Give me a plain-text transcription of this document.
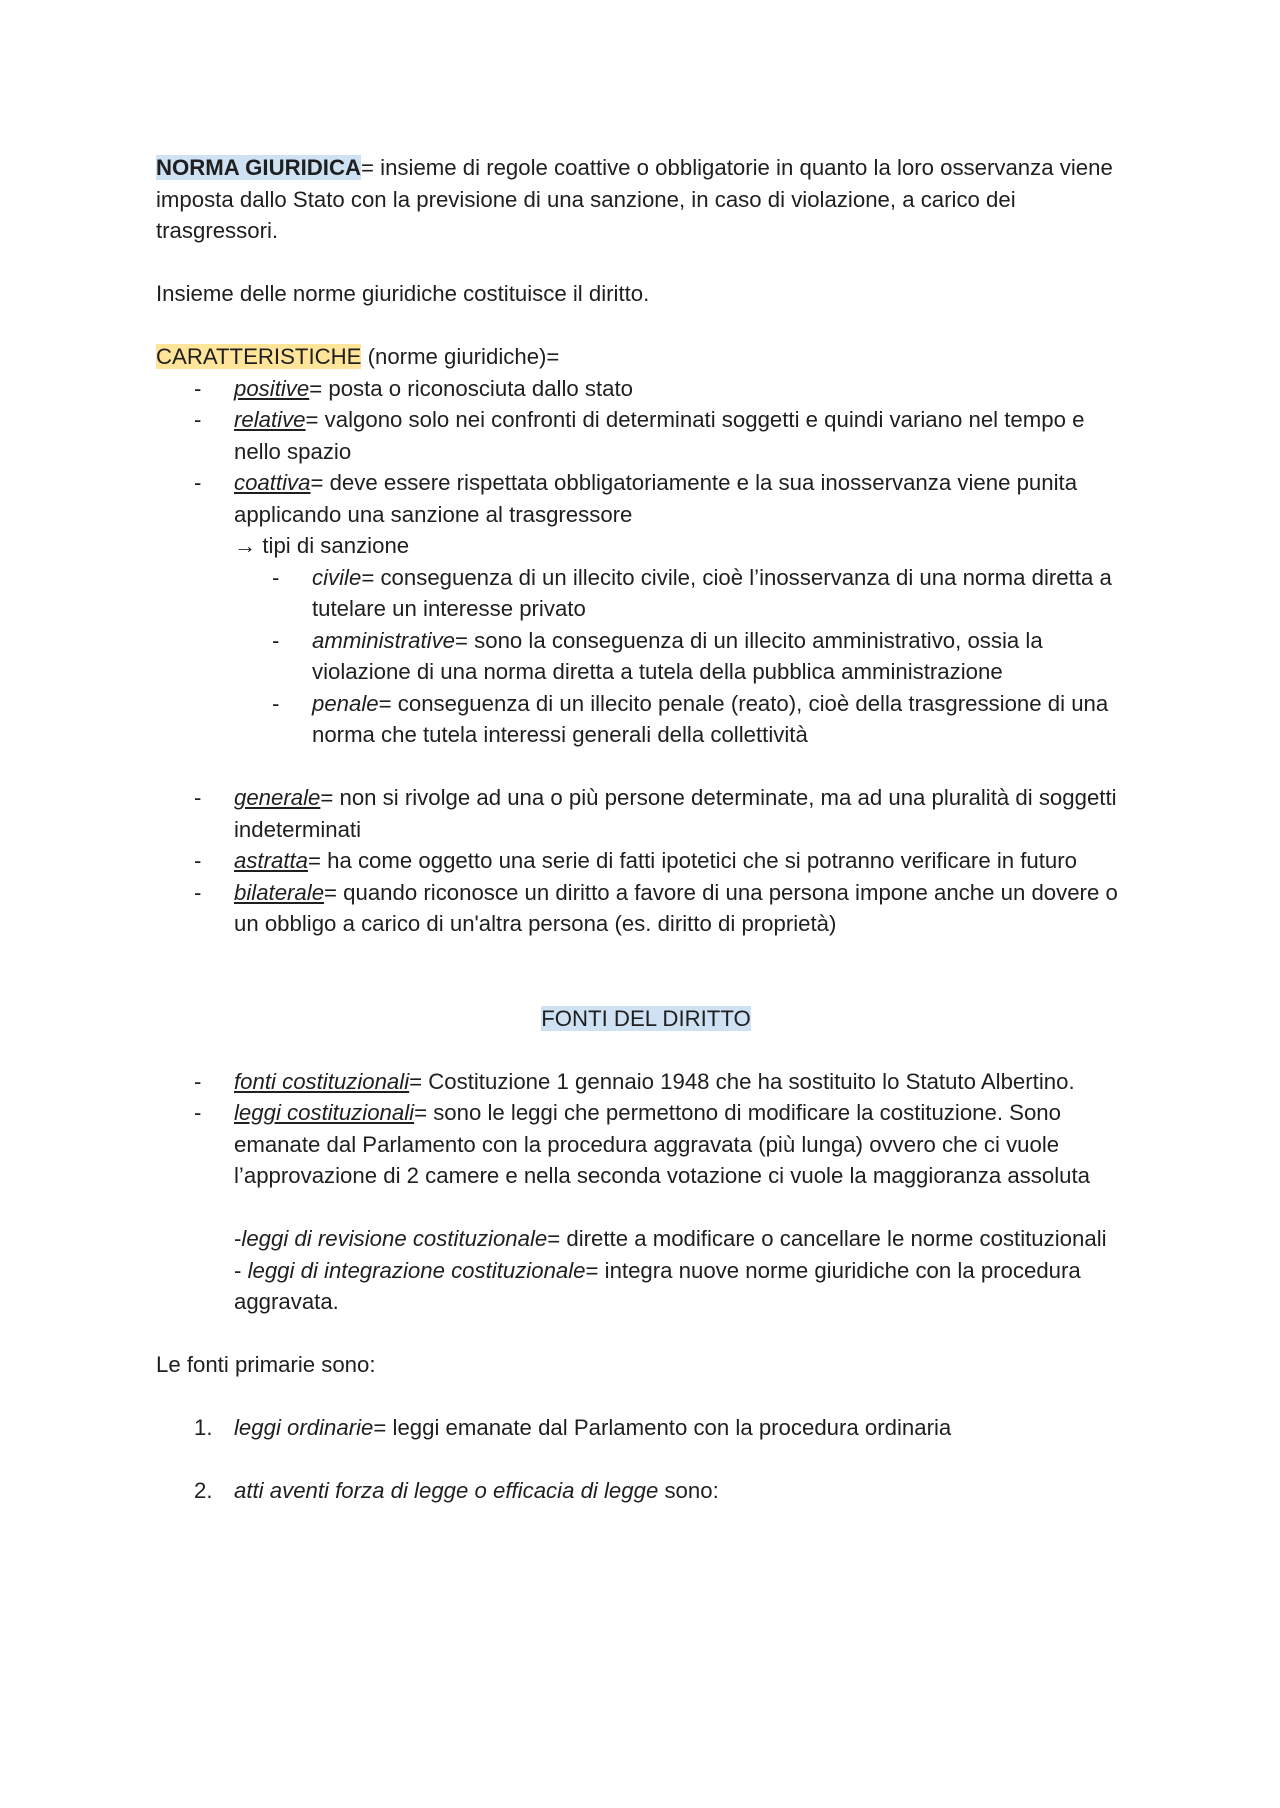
NORMA GIURIDICA= insieme di regole coattive o obbligatorie in quanto la loro osservanza viene imposta dallo Stato con la previsione di una sanzione, in caso di violazione, a carico dei trasgressori.

Insieme delle norme giuridiche costituisce il diritto.

CARATTERISTICHE (norme giuridiche)=

- positive= posta o riconosciuta dallo stato
- relative= valgono solo nei confronti di determinati soggetti e quindi variano nel tempo e nello spazio
- coattiva= deve essere rispettata obbligatoriamente e la sua inosservanza viene punita applicando una sanzione al trasgressore

→ tipi di sanzione

- civile= conseguenza di un illecito civile, cioè l’inosservanza di una norma diretta a tutelare un interesse privato
- amministrative= sono la conseguenza di un illecito amministrativo, ossia la violazione di una norma diretta a tutela della pubblica amministrazione
- penale= conseguenza di un illecito penale (reato), cioè della trasgressione di una norma che tutela interessi generali della collettività
- generale= non si rivolge ad una o più persone determinate, ma ad una pluralità di soggetti indeterminati
- astratta= ha come oggetto una serie di fatti ipotetici che si potranno verificare in futuro
- bilaterale= quando riconosce un diritto a favore di una persona impone anche un dovere o un obbligo a carico di un'altra persona (es. diritto di proprietà)

FONTI DEL DIRITTO

- fonti costituzionali= Costituzione 1 gennaio 1948 che ha sostituito lo Statuto Albertino.
- leggi costituzionali= sono le leggi che permettono di modificare la costituzione. Sono emanate dal Parlamento con la procedura aggravata (più lunga) ovvero che ci vuole l’approvazione di 2 camere e nella seconda votazione ci vuole la maggioranza assoluta

-leggi di revisione costituzionale= dirette a modificare o cancellare le norme costituzionali

- leggi di integrazione costituzionale= integra nuove norme giuridiche con la procedura aggravata.

Le fonti primarie sono:

1. leggi ordinarie= leggi emanate dal Parlamento con la procedura ordinaria
2. atti aventi forza di legge o efficacia di legge sono:
